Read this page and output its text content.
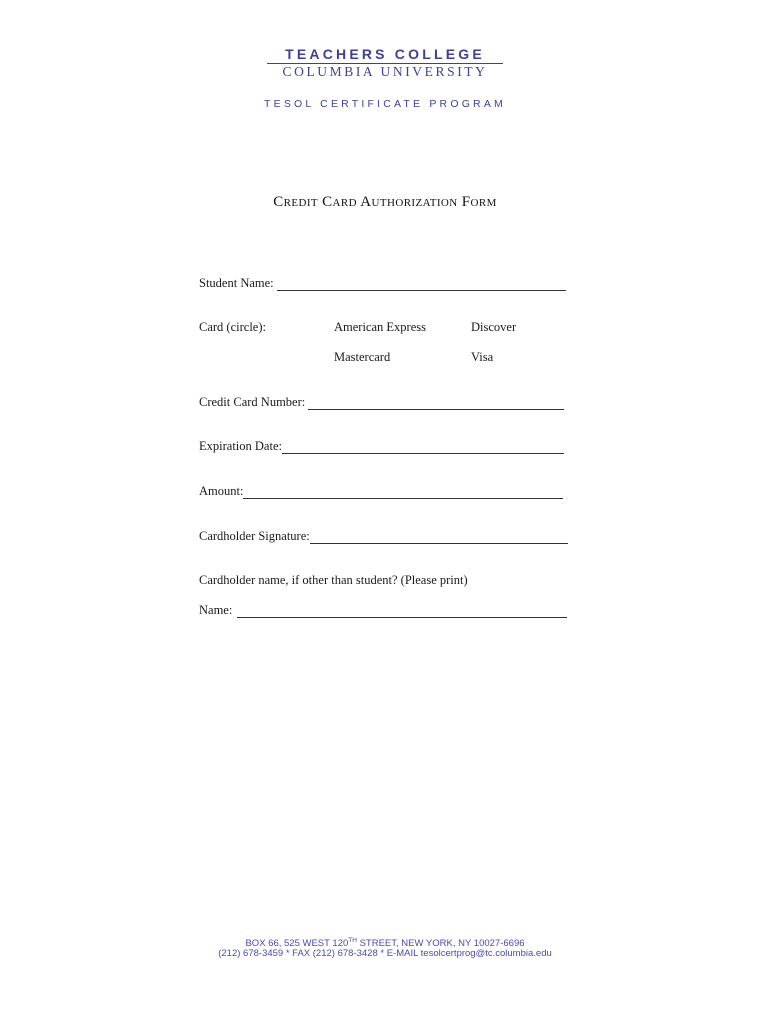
TEACHERS COLLEGE
COLUMBIA UNIVERSITY
TESOL CERTIFICATE PROGRAM
Credit Card Authorization Form
Student Name:
Card (circle):	American Express	Discover
Mastercard	Visa
Credit Card Number:
Expiration Date:
Amount:
Cardholder Signature:
Cardholder name, if other than student? (Please print)
Name:
BOX 66, 525 WEST 120TH STREET, NEW YORK, NY 10027-6696
(212) 678-3459 * FAX (212) 678-3428 * E-MAIL tesolcertprog@tc.columbia.edu
